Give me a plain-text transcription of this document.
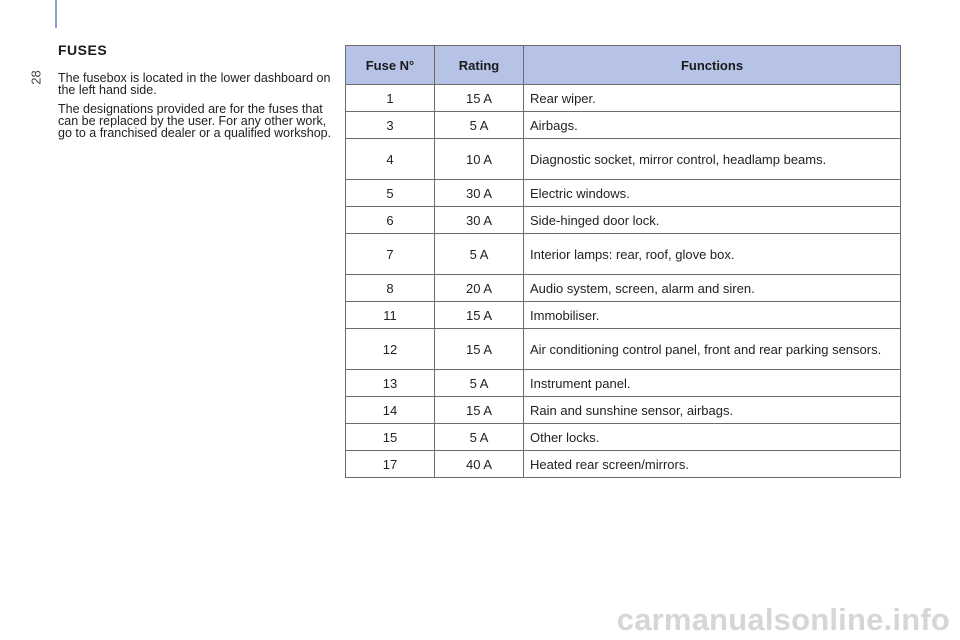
28
FUSES

The fusebox is located in the lower dashboard on the left hand side.

The designations provided are for the fuses that can be replaced by the user. For any other work, go to a franchised dealer or a qualified workshop.

Fuse N°	Rating	Functions
1	15 A	Rear wiper.
3	5 A	Airbags.
4	10 A	Diagnostic socket, mirror control, headlamp beams.
5	30 A	Electric windows.
6	30 A	Side-hinged door lock.
7	5 A	Interior lamps: rear, roof, glove box.
8	20 A	Audio system, screen, alarm and siren.
11	15 A	Immobiliser.
12	15 A	Air conditioning control panel, front and rear parking sensors.
13	5 A	Instrument panel.
14	15 A	Rain and sunshine sensor, airbags.
15	5 A	Other locks.
17	40 A	Heated rear screen/mirrors.
carmanualsonline.info
